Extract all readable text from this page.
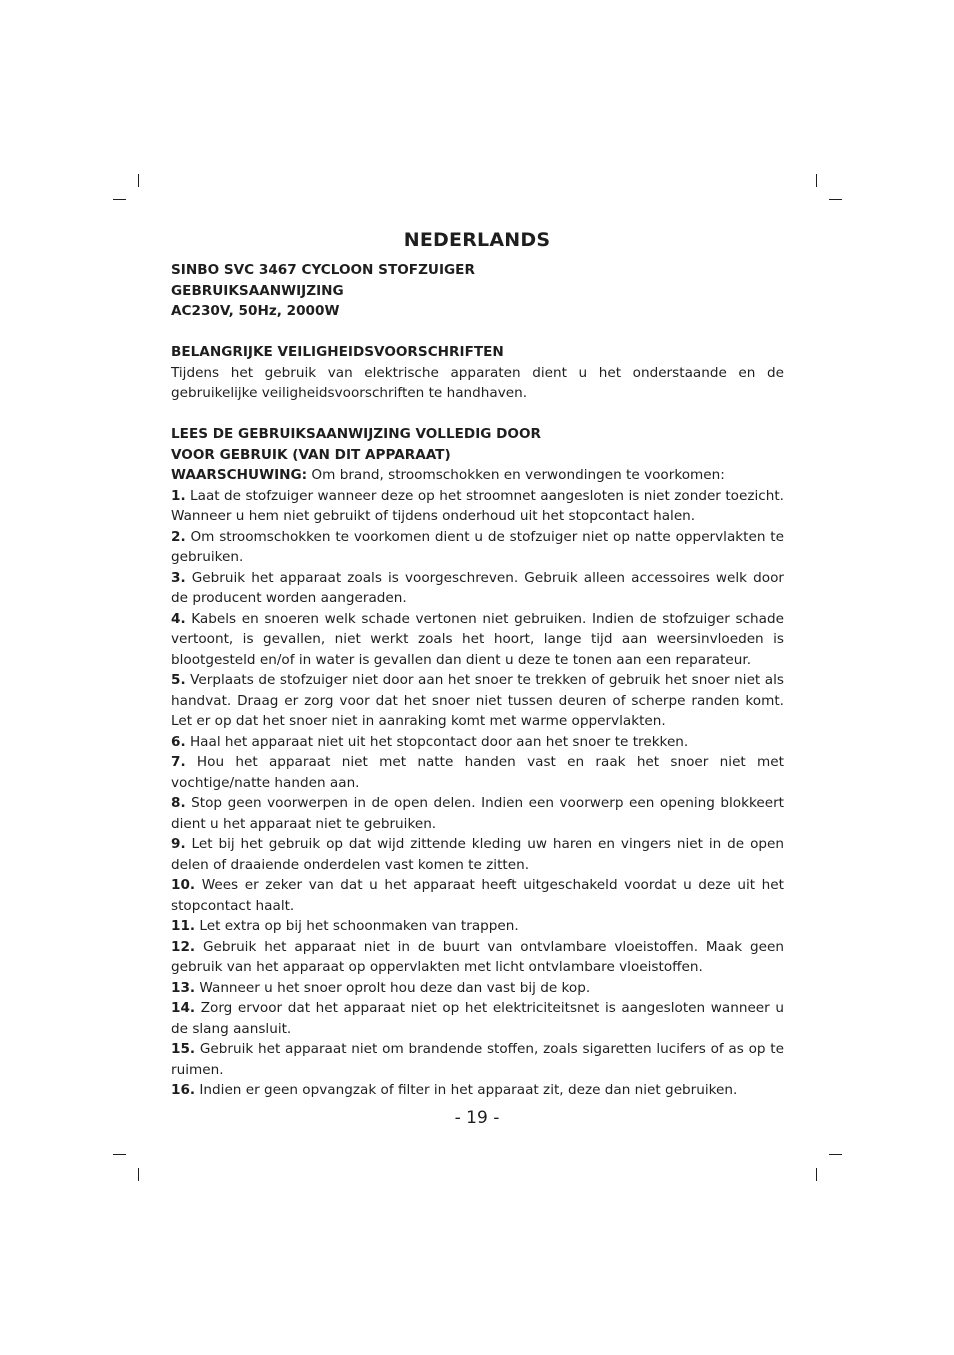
NEDERLANDS

SINBO SVC 3467 CYCLOON STOFZUIGER

GEBRUIKSAANWIJZING

AC230V, 50Hz, 2000W

BELANGRIJKE VEILIGHEIDSVOORSCHRIFTEN

Tijdens het gebruik van elektrische apparaten dient u het onderstaande en de gebruikelijke veiligheidsvoorschriften te handhaven.

LEES DE GEBRUIKSAANWIJZING VOLLEDIG DOOR

VOOR GEBRUIK (VAN DIT APPARAAT)

WAARSCHUWING: Om brand, stroomschokken en verwondingen te voorkomen:

1. Laat de stofzuiger wanneer deze op het stroomnet aangesloten is niet zonder toezicht. Wanneer u hem niet gebruikt of tijdens onderhoud uit het stopcontact halen.

2. Om stroomschokken te voorkomen dient u de stofzuiger niet op natte oppervlakten te gebruiken.

3. Gebruik het apparaat zoals is voorgeschreven. Gebruik alleen accessoires welk door de producent worden aangeraden.

4. Kabels en snoeren welk schade vertonen niet gebruiken. Indien de stofzuiger schade vertoont, is gevallen, niet werkt zoals het hoort, lange tijd aan weersinvloeden is blootgesteld en/of in water is gevallen dan dient u deze te tonen aan een reparateur.

5. Verplaats de stofzuiger niet door aan het snoer te trekken of gebruik het snoer niet als handvat. Draag er zorg voor dat het snoer niet tussen deuren of scherpe randen komt. Let er op dat het snoer niet in aanraking komt met warme oppervlakten.

6. Haal het apparaat niet uit het stopcontact door aan het snoer te trekken.

7. Hou het apparaat niet met natte handen vast en raak het snoer niet met vochtige/natte handen aan.

8. Stop geen voorwerpen in de open delen. Indien een voorwerp een opening blokkeert dient u het apparaat niet te gebruiken.

9. Let bij het gebruik op dat wijd zittende kleding uw haren en vingers niet in de open delen of draaiende onderdelen vast komen te zitten.

10. Wees er zeker van dat u het apparaat heeft uitgeschakeld voordat u deze uit het stopcontact haalt.

11. Let extra op bij het schoonmaken van trappen.

12. Gebruik het apparaat niet in de buurt van ontvlambare vloeistoffen. Maak geen gebruik van het apparaat op oppervlakten met licht ontvlambare vloeistoffen.

13. Wanneer u het snoer oprolt hou deze dan vast bij de kop.

14. Zorg ervoor dat het apparaat niet op het elektriciteitsnet is aangesloten wanneer u de slang aansluit.

15. Gebruik het apparaat niet om brandende stoffen, zoals sigaretten lucifers of as op te ruimen.

16. Indien er geen opvangzak of filter in het apparaat zit, deze dan niet gebruiken.

- 19 -
